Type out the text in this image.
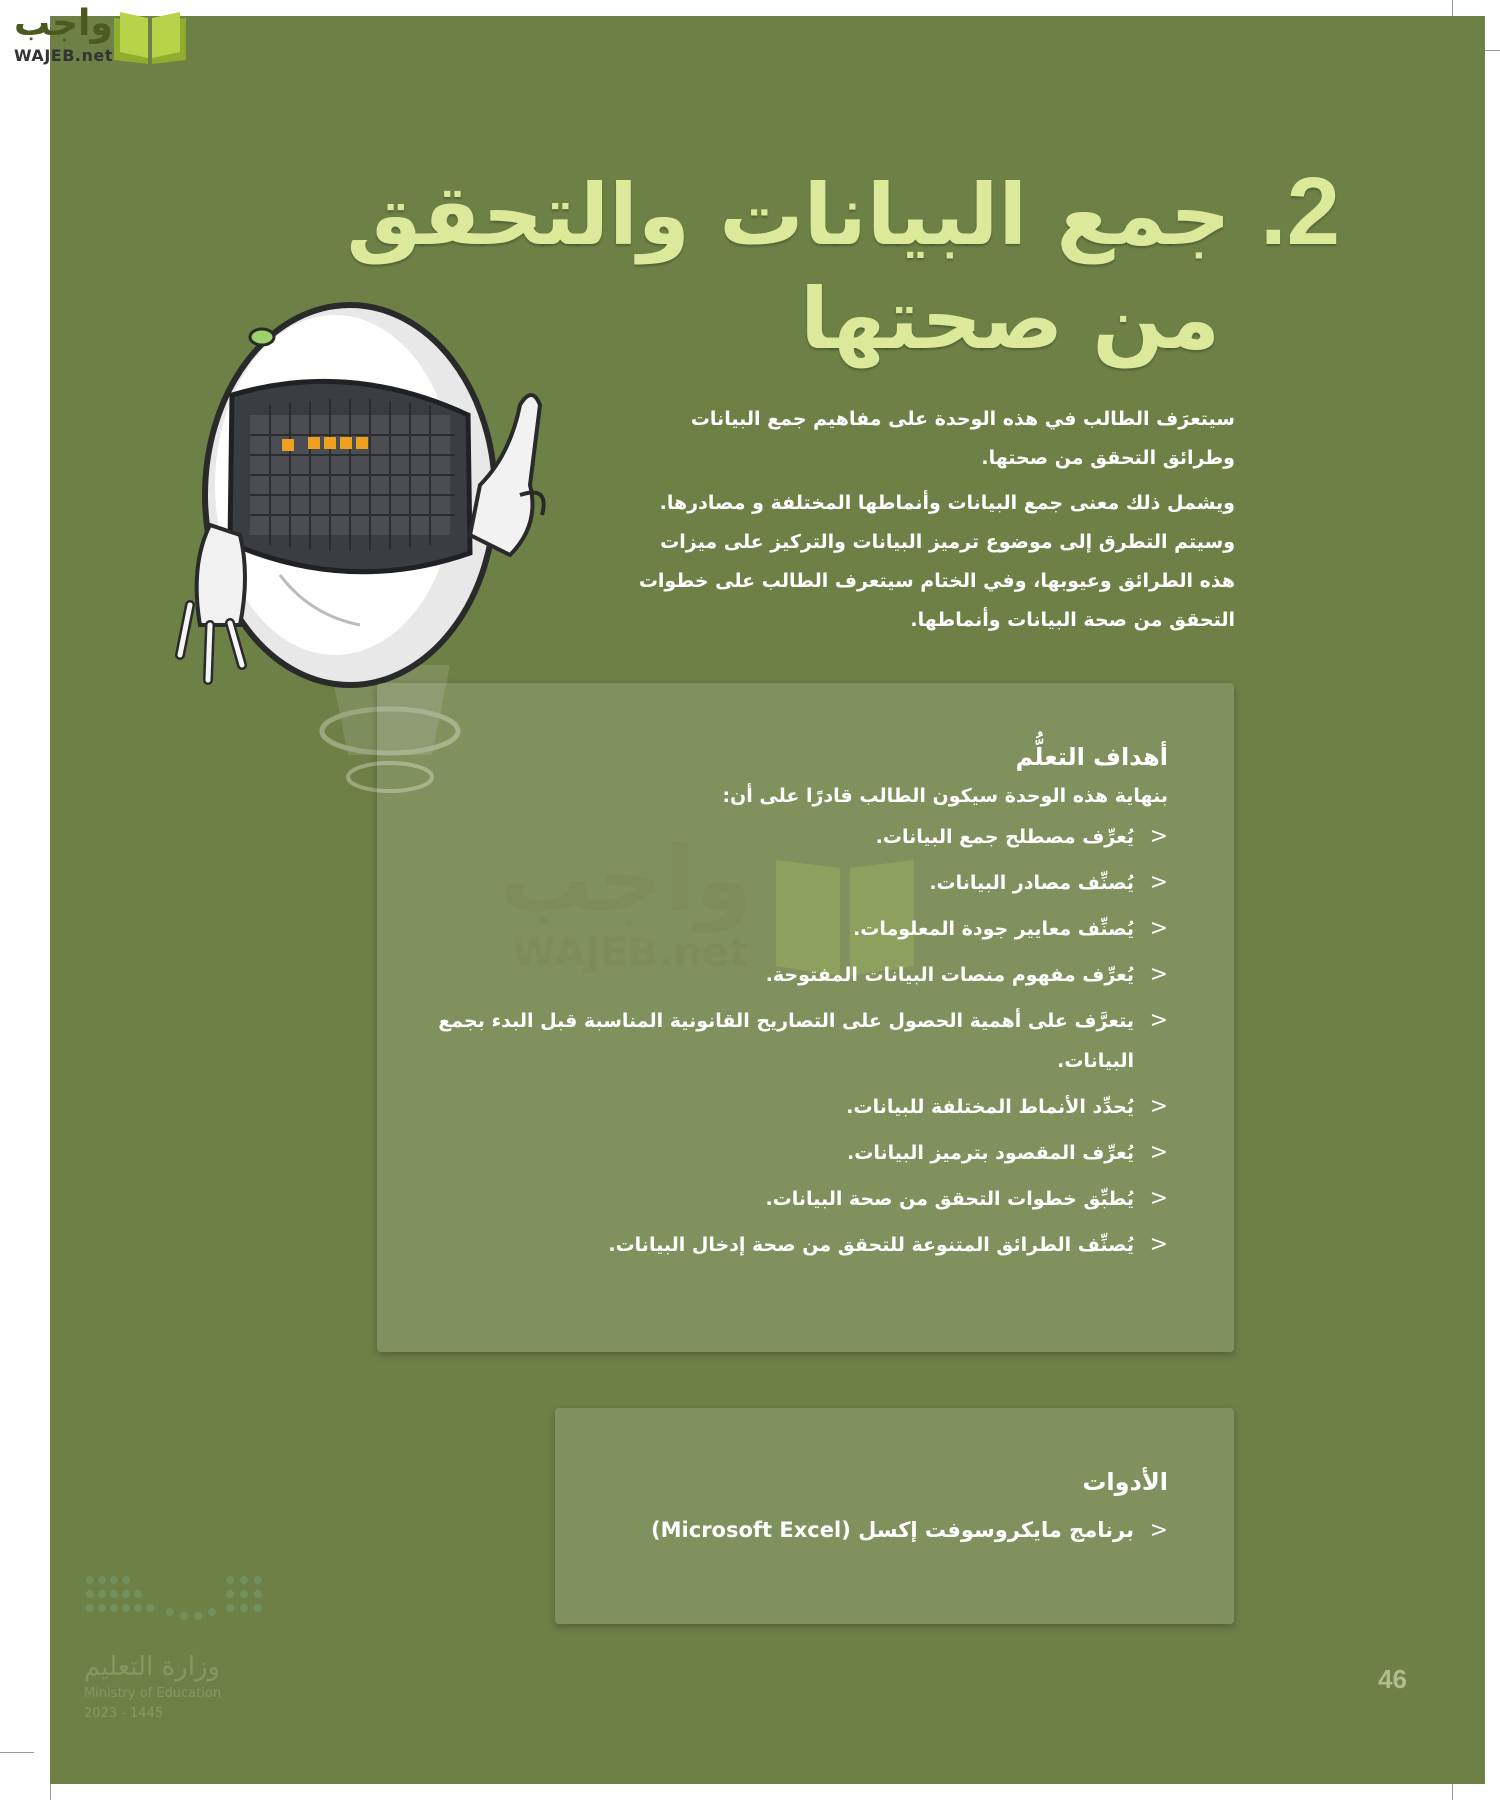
واجب
WAJEB.net
2. جمع البيانات والتحقق
من صحتها

سيتعرَف الطالب في هذه الوحدة على مفاهيم جمع البيانات وطرائق التحقق من صحتها.

ويشمل ذلك معنى جمع البيانات وأنماطها المختلفة و مصادرها. وسيتم التطرق إلى موضوع ترميز البيانات والتركيز على ميزات هذه الطرائق وعيوبها، وفي الختام سيتعرف الطالب على خطوات التحقق من صحة البيانات وأنماطها.

واجب
WAJEB.net
أهداف التعلُّم
بنهاية هذه الوحدة سيكون الطالب قادرًا على أن:
<
يُعرِّف مصطلح جمع البيانات.
<
يُصنِّف مصادر البيانات.
<
يُصنِّف معايير جودة المعلومات.
<
يُعرِّف مفهوم منصات البيانات المفتوحة.
<
يتعرَّف على أهمية الحصول على التصاريح القانونية المناسبة قبل البدء بجمع البيانات.
<
يُحدِّد الأنماط المختلفة للبيانات.
<
يُعرِّف المقصود بترميز البيانات.
<
يُطبِّق خطوات التحقق من صحة البيانات.
<
يُصنِّف الطرائق المتنوعة للتحقق من صحة إدخال البيانات.
الأدوات
<
برنامج مايكروسوفت إكسل (Microsoft Excel)
وزارة التعليم
Ministry of Education
2023 - 1445
46
